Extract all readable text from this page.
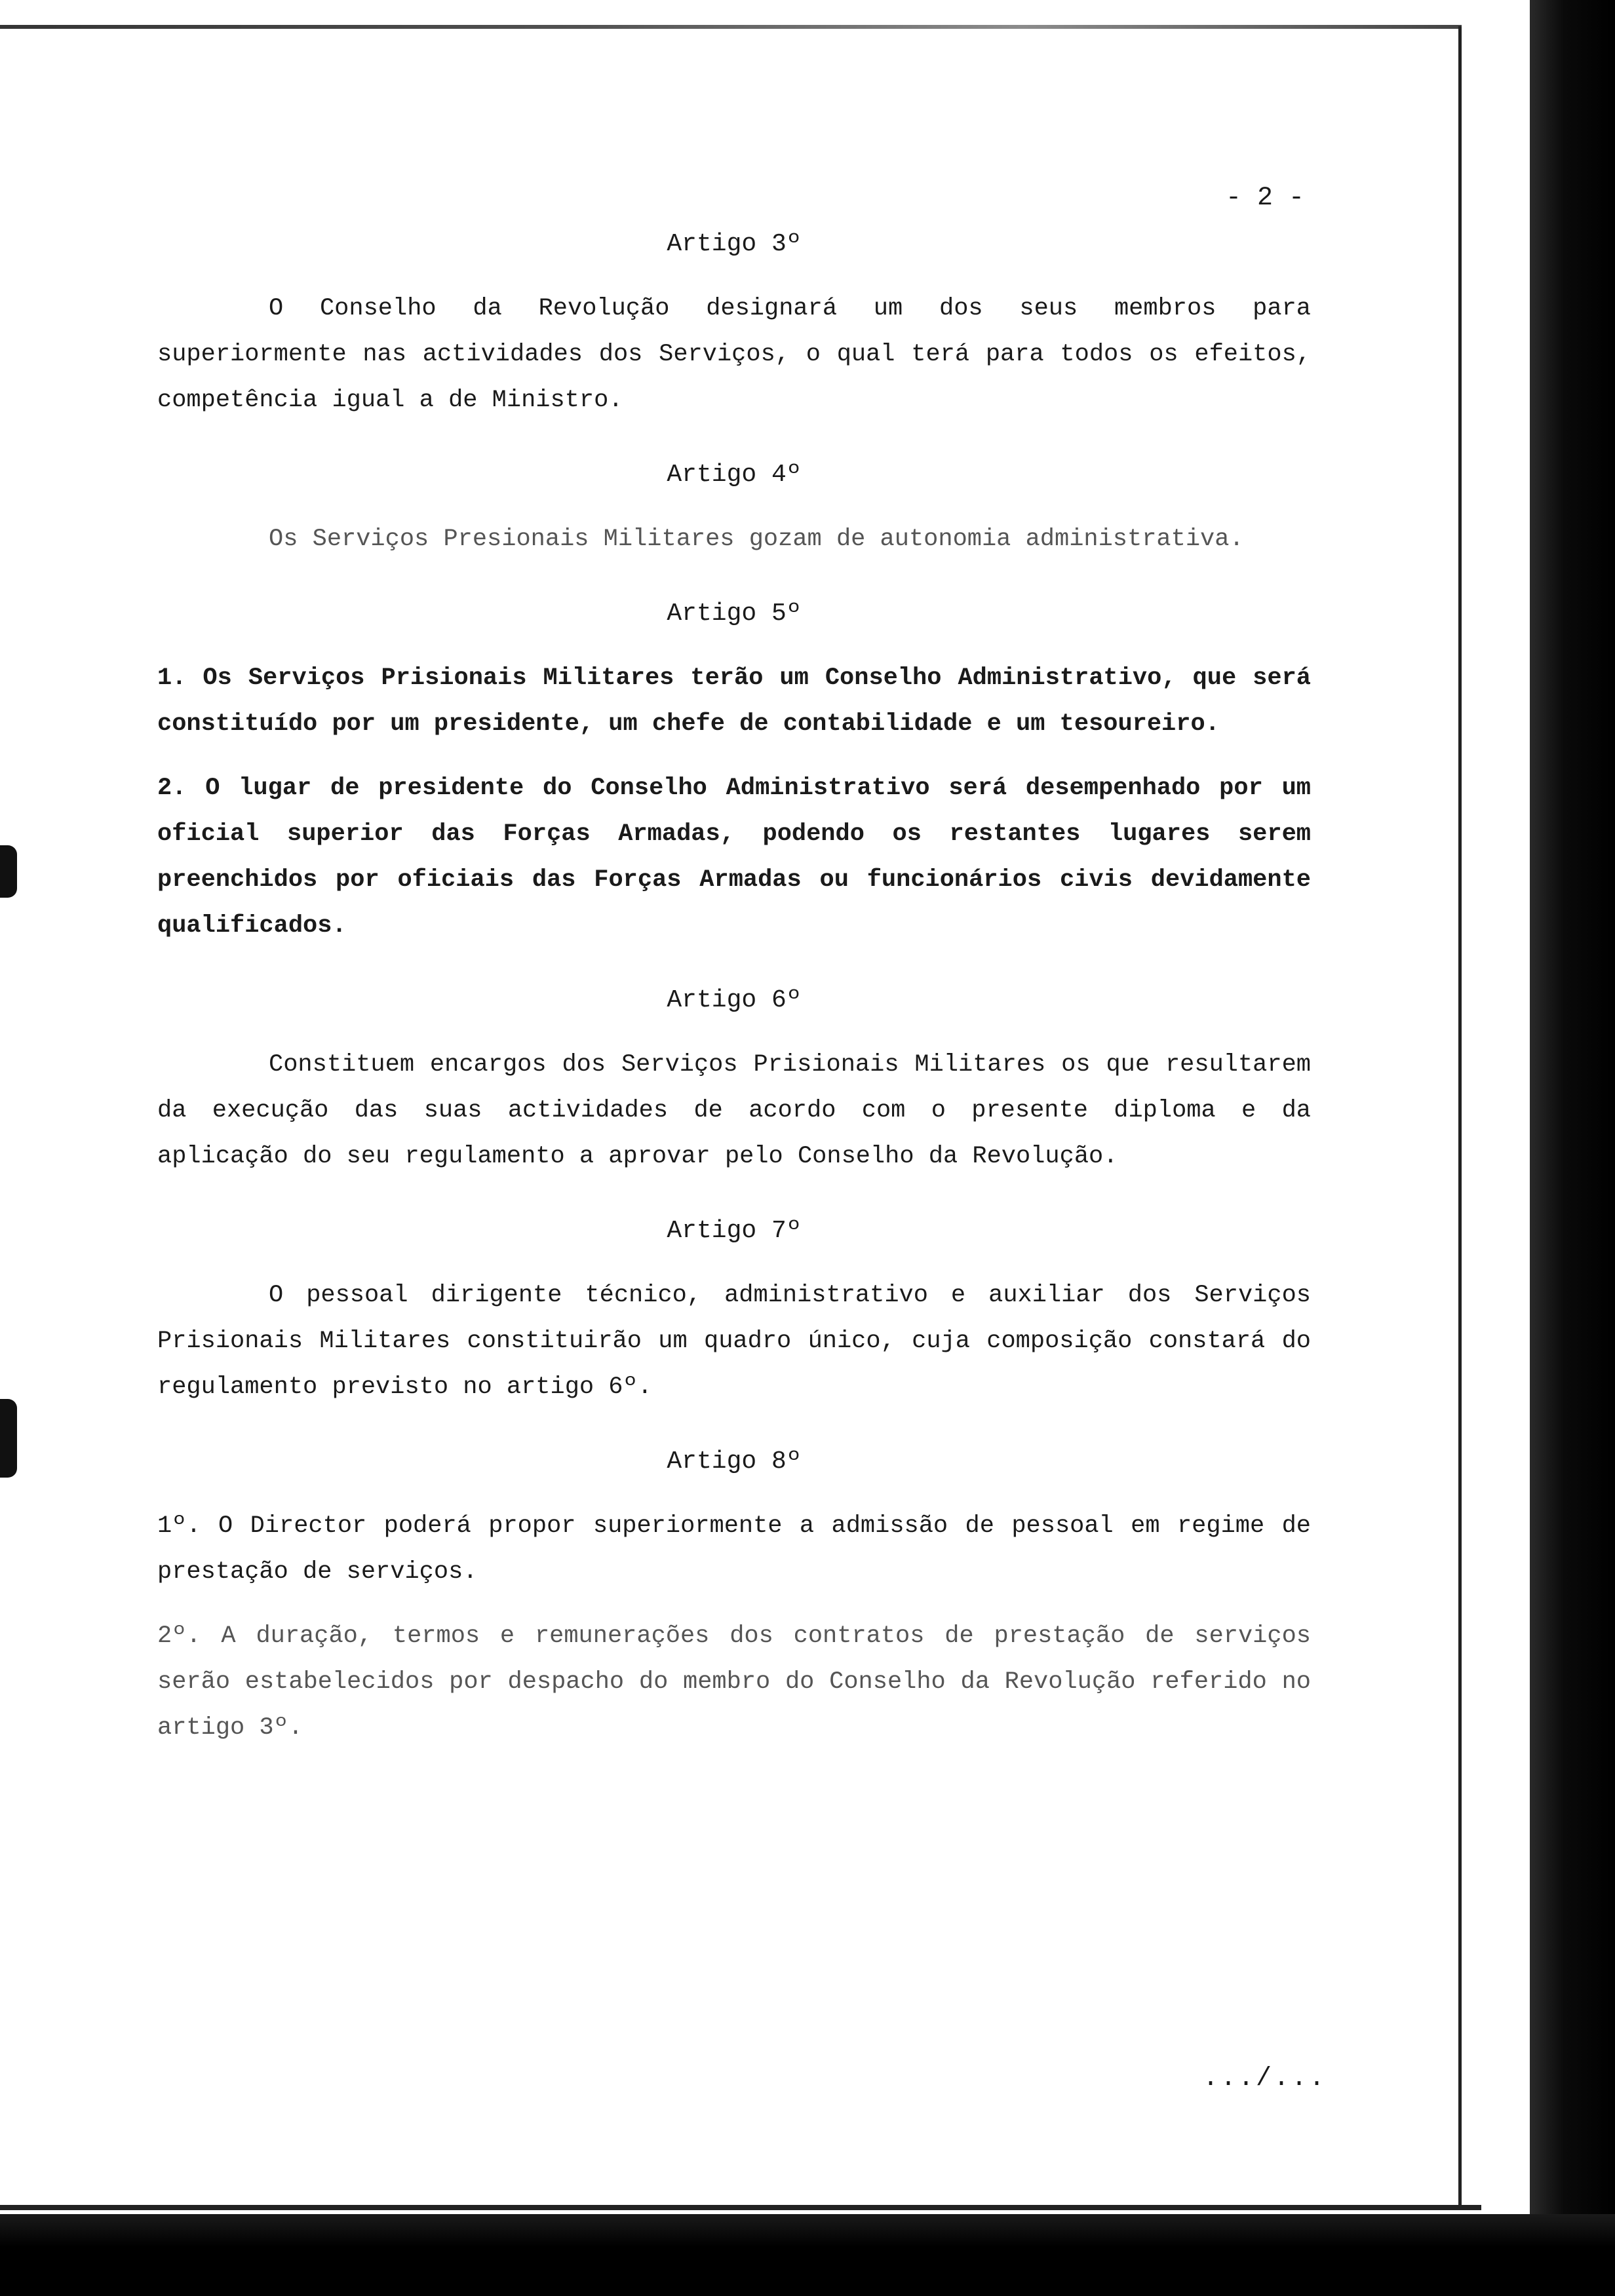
- 2 -

Artigo 3º

O Conselho da Revolução designará um dos seus membros para superiormente nas actividades dos Serviços, o qual terá para todos os efeitos, competência igual a de Ministro.

Artigo 4º

Os Serviços Presionais Militares gozam de autonomia administrativa.

Artigo 5º

1. Os Serviços Prisionais Militares terão um Conselho Administrativo, que será constituído por um presidente, um chefe de contabilidade e um tesoureiro.

2. O lugar de presidente do Conselho Administrativo será desempenhado por um oficial superior das Forças Armadas, podendo os restantes lugares serem preenchidos por oficiais das Forças Armadas ou funcionários civis devidamente qualificados.

Artigo 6º

Constituem encargos dos Serviços Prisionais Militares os que resultarem da execução das suas actividades de acordo com o presente diploma e da aplicação do seu regulamento a aprovar pelo Conselho da Revolução.

Artigo 7º

O pessoal dirigente técnico, administrativo e auxiliar dos Serviços Prisionais Militares constituirão um quadro único, cuja composição constará do regulamento previsto no artigo 6º.

Artigo 8º

1º. O Director poderá propor superiormente a admissão de pessoal em regime de prestação de serviços.

2º. A duração, termos e remunerações dos contratos de prestação de serviços serão estabelecidos por despacho do membro do Conselho da Revolução referido no artigo 3º.

.../...
